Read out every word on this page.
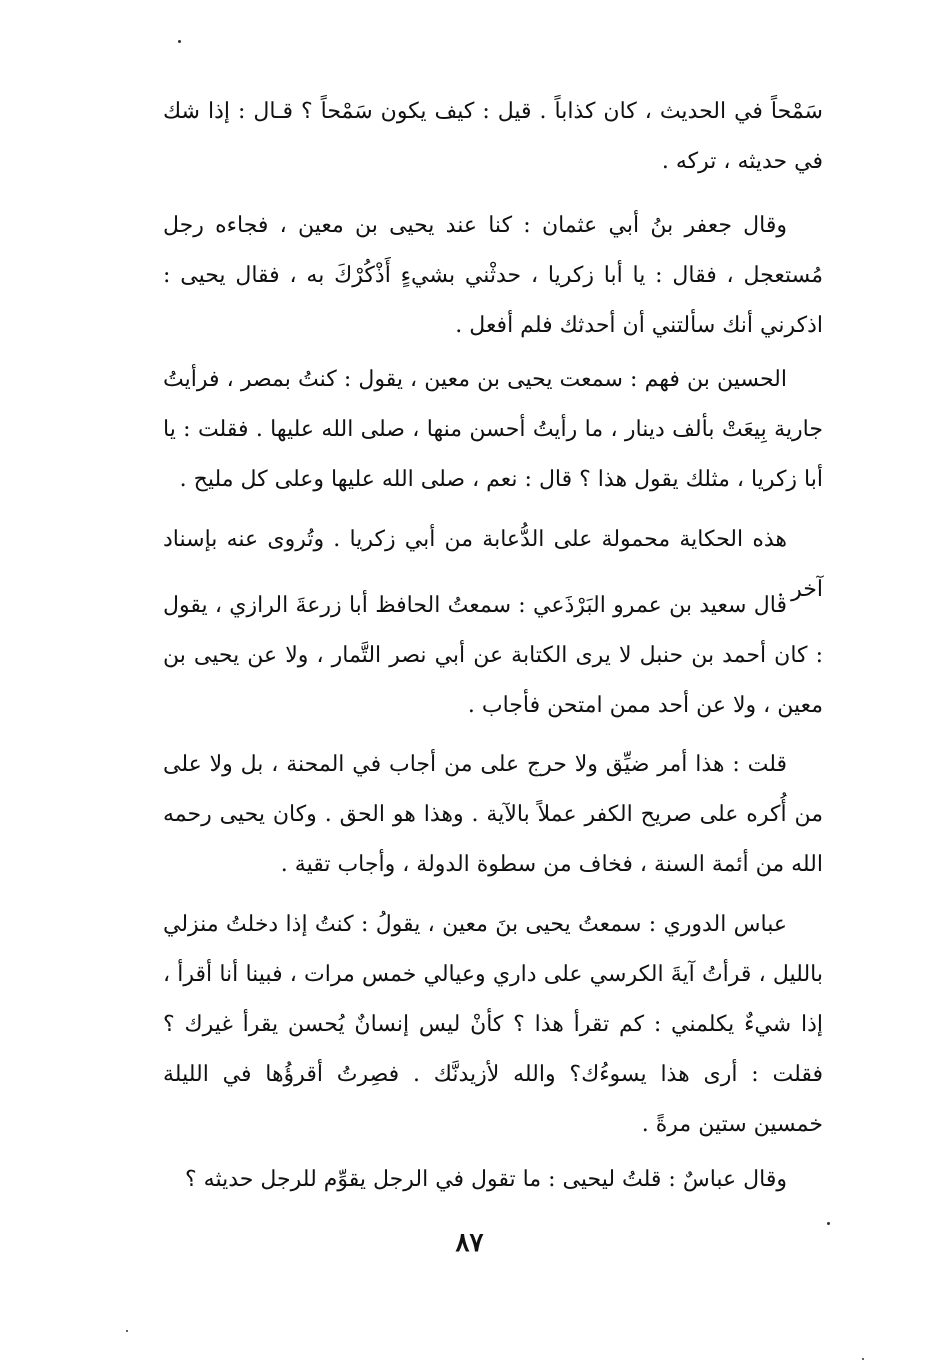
سَمْحاً في الحديث ، كان كذاباً . قيل : كيف يكون سَمْحاً ؟ قـال : إذا شك في حديثه ، تركه .

وقال جعفر بنُ أبي عثمان : كنا عند يحيى بن معين ، فجاءه رجل مُستعجل ، فقال : يا أبا زكريا ، حدثْني بشيءٍ أَذْكُرْكَ به ، فقال يحيى : اذكرني أنك سألتني أن أحدثك فلم أفعل .

الحسين بن فهم : سمعت يحيى بن معين ، يقول : كنتُ بمصر ، فرأيتُ جارية بِيعَتْ بألف دينار ، ما رأيتُ أحسن منها ، صلى الله عليها . فقلت : يا أبا زكريا ، مثلك يقول هذا ؟ قال : نعم ، صلى الله عليها وعلى كل مليح .

هذه الحكاية محمولة على الدُّعابة من أبي زكريا . وتُروى عنه بإسناد آخر .

قال سعيد بن عمرو البَرْذَعي : سمعتُ الحافظ أبا زرعةَ الرازي ، يقول : كان أحمد بن حنبل لا يرى الكتابة عن أبي نصر التَّمار ، ولا عن يحيى بن معين ، ولا عن أحد ممن امتحن فأجاب .

قلت : هذا أمر ضيِّق ولا حرج على من أجاب في المحنة ، بل ولا على من أُكره على صريح الكفر عملاً بالآية . وهذا هو الحق . وكان يحيى رحمه الله من أئمة السنة ، فخاف من سطوة الدولة ، وأجاب تقية .

عباس الدوري : سمعتُ يحيى بنَ معين ، يقولُ : كنتُ إذا دخلتُ منزلي بالليل ، قرأتُ آيةَ الكرسي على داري وعيالي خمس مرات ، فبينا أنا أقرأ ، إذا شيءٌ يكلمني : كم تقرأ هذا ؟ كأنْ ليس إنسانٌ يُحسن يقرأ غيرك ؟ فقلت : أرى هذا يسوءُك؟ والله لأزيدنَّك . فصِرتُ أقرؤُها في الليلة خمسين ستين مرةً .

وقال عباسٌ : قلتُ ليحيى : ما تقول في الرجل يقوِّم للرجل حديثه ؟

٨٧
